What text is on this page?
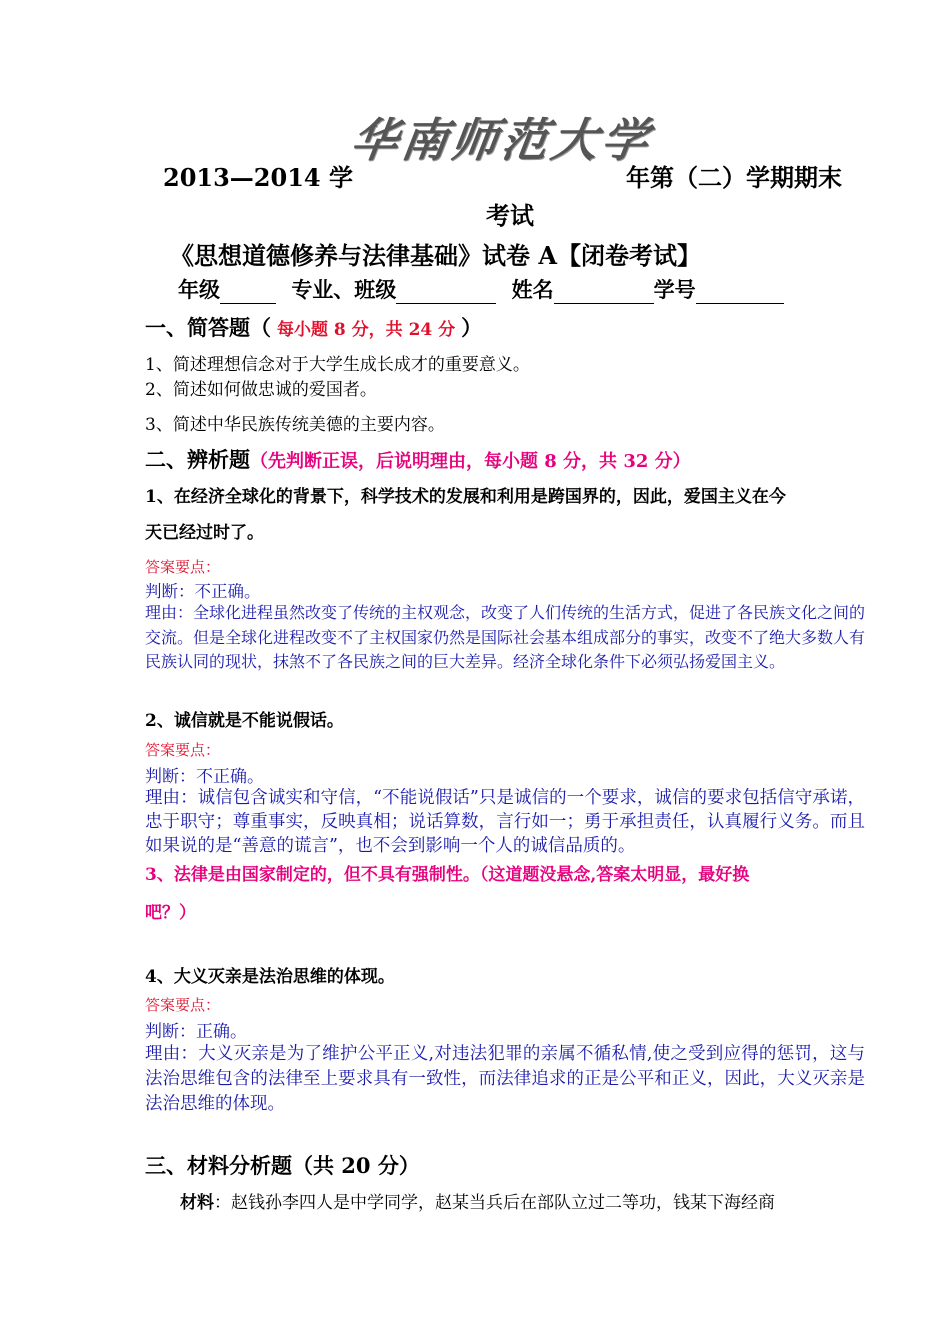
华南师范大学
2013—2014 学	年第（二）学期期末
考试
《思想道德修养与法律基础》试卷 A【闭卷考试】
年级	专业、班级	姓名	学号
一、简答题（ 每小题 8 分，共 24 分 ）
1、简述理想信念对于大学生成长成才的重要意义。
2、简述如何做忠诚的爱国者。
3、简述中华民族传统美德的主要内容。
二、辨析题（先判断正误，后说明理由，每小题 8 分，共 32 分）
1、在经济全球化的背景下，科学技术的发展和利用是跨国界的，因此，爱国主义在今
天已经过时了。
答案要点：
判断：不正确。
理由：全球化进程虽然改变了传统的主权观念，改变了人们传统的生活方式，促进了各民族文化之间的交流。但是全球化进程改变不了主权国家仍然是国际社会基本组成部分的事实，改变不了绝大多数人有民族认同的现状，抹煞不了各民族之间的巨大差异。经济全球化条件下必须弘扬爱国主义。
2、诚信就是不能说假话。
答案要点：
判断：不正确。
理由：诚信包含诚实和守信，“不能说假话”只是诚信的一个要求，诚信的要求包括信守承诺，忠于职守；尊重事实，反映真相；说话算数，言行如一；勇于承担责任，认真履行义务。而且如果说的是“善意的谎言”，也不会到影响一个人的诚信品质的。
3、法律是由国家制定的，但不具有强制性。（这道题没悬念,答案太明显，最好换
吧？）
4、大义灭亲是法治思维的体现。
答案要点：
判断：正确。
理由：大义灭亲是为了维护公平正义,对违法犯罪的亲属不循私情,使之受到应得的惩罚，这与法治思维包含的法律至上要求具有一致性，而法律追求的正是公平和正义，因此，大义灭亲是法治思维的体现。
三、材料分析题（共 20 分）
材料：赵钱孙李四人是中学同学，赵某当兵后在部队立过二等功，钱某下海经商
